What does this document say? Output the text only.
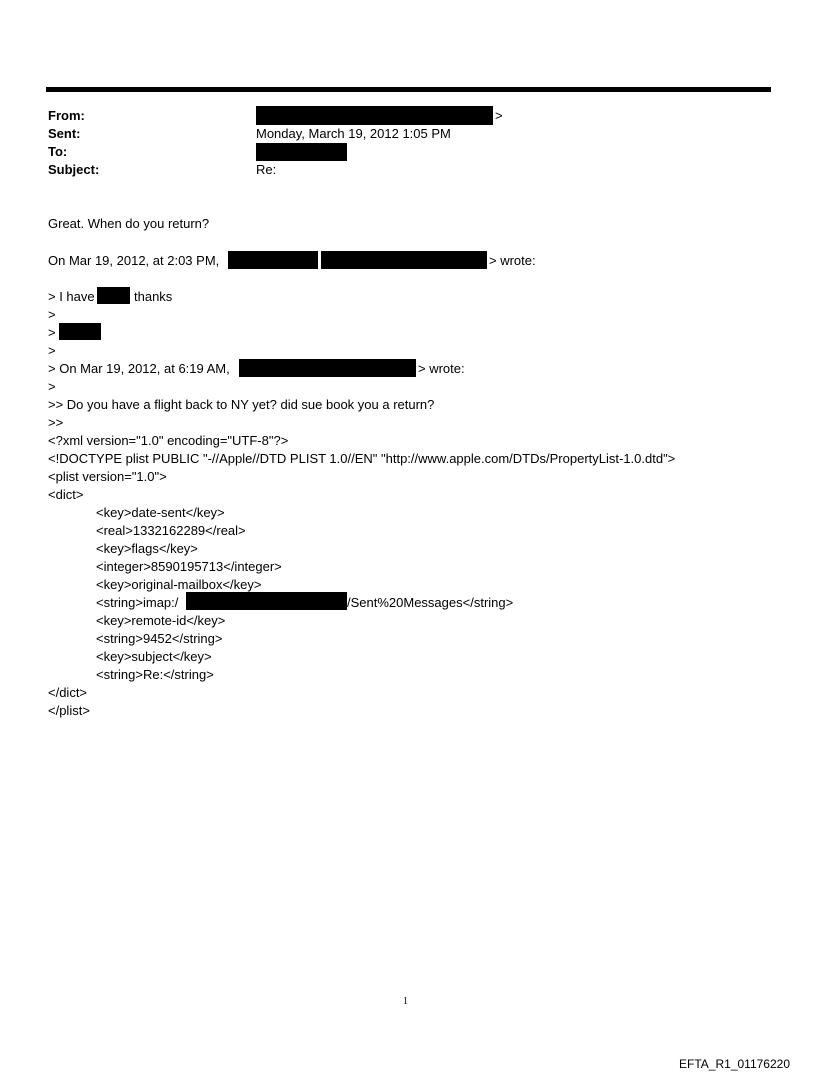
From:	>
Sent:	Monday, March 19, 2012 1:05 PM
To:
Subject:	Re:
Great. When do you return?
On Mar 19, 2012, at 2:03 PM,	> wrote:
> I have	thanks
>
>
>
> On Mar 19, 2012, at 6:19 AM,	> wrote:
>
>> Do you have a flight back to NY yet? did sue book you a return?
>>
<?xml version="1.0" encoding="UTF-8"?>
<!DOCTYPE plist PUBLIC "-//Apple//DTD PLIST 1.0//EN" "http://www.apple.com/DTDs/PropertyList-1.0.dtd">
<plist version="1.0">
<dict>
<key>date-sent</key>
<real>1332162289</real>
<key>flags</key>
<integer>8590195713</integer>
<key>original-mailbox</key>
<string>imap:/	/Sent%20Messages</string>
<key>remote-id</key>
<string>9452</string>
<key>subject</key>
<string>Re:</string>
</dict>
</plist>
1
EFTA_R1_01176220
